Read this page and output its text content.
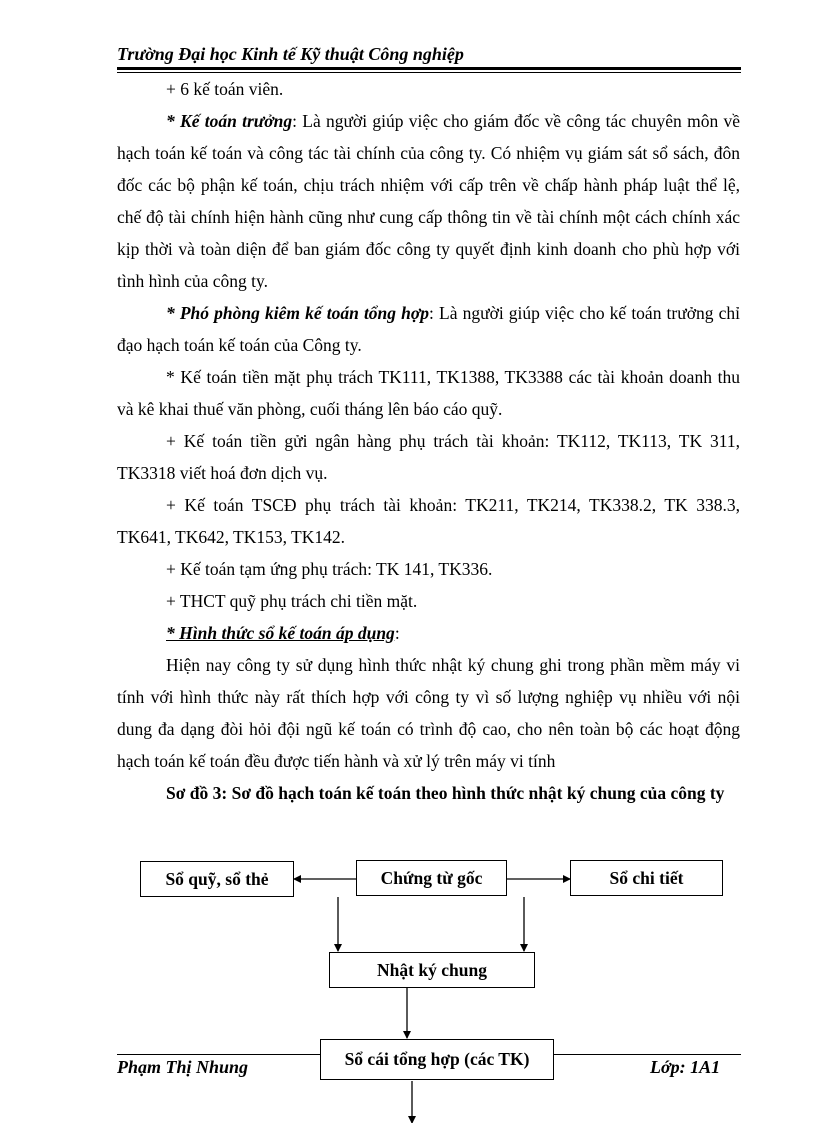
Trường Đại học Kinh tế Kỹ thuật Công nghiệp

+ 6 kế toán viên.

* Kế toán trưởng: Là người giúp việc cho giám đốc về công tác chuyên môn về hạch toán kế toán và công tác tài chính của công ty. Có nhiệm vụ giám sát sổ sách, đôn đốc các bộ phận kế toán, chịu trách nhiệm với cấp trên về chấp hành pháp luật thể lệ, chế độ tài chính hiện hành cũng như cung cấp thông tin về tài chính một cách chính xác kịp thời và toàn diện để ban giám đốc công ty quyết định kinh doanh cho phù hợp với tình hình của công ty.

* Phó phòng kiêm kế toán tổng hợp: Là người giúp việc cho kế toán trưởng chỉ đạo hạch toán kế toán của Công ty.

* Kế toán tiền mặt phụ trách TK111, TK1388, TK3388 các tài khoản doanh thu và kê khai thuế văn phòng, cuối tháng lên báo cáo quỹ.

+ Kế toán tiền gửi ngân hàng phụ trách tài khoản: TK112, TK113, TK 311, TK3318 viết hoá đơn dịch vụ.

+ Kế toán TSCĐ phụ trách tài khoản: TK211, TK214, TK338.2, TK 338.3, TK641, TK642, TK153, TK142.

+ Kế toán tạm ứng phụ trách: TK 141, TK336.

+ THCT quỹ phụ trách chi tiền mặt.

* Hình thức sổ kế toán áp dụng:

Hiện nay công ty sử dụng hình thức nhật ký chung ghi trong phần mềm máy vi tính với hình thức này rất thích hợp với công ty vì số lượng nghiệp vụ nhiều với nội dung đa dạng đòi hỏi đội ngũ kế toán có trình độ cao, cho nên toàn bộ các hoạt động hạch toán kế toán đều được tiến hành và xử lý trên máy vi tính

Sơ đồ 3: Sơ đồ hạch toán kế toán theo hình thức nhật ký chung của công ty

Sổ quỹ, sổ thẻ	Chứng từ gốc	Sổ chi tiết
Nhật ký chung
Sổ cái tổng hợp (các TK)
Phạm Thị Nhung	Lớp: 1A1
